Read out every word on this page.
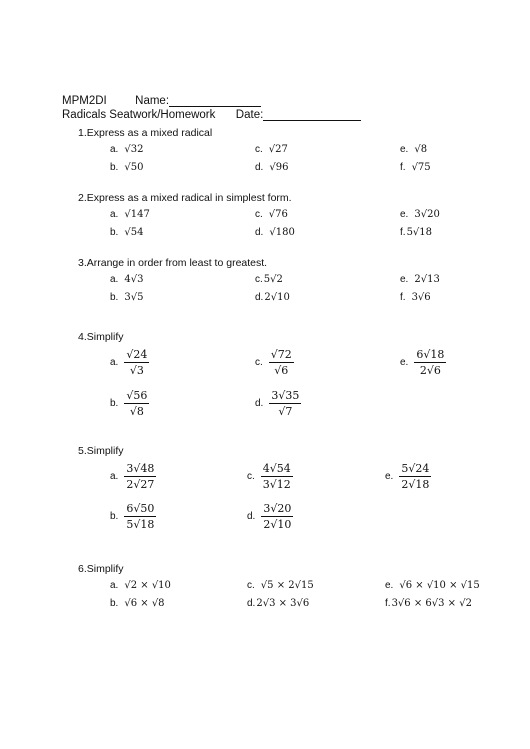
MPM2DI Name:
Radicals Seatwork/Homework Date:
1.Express as a mixed radical
a. √32
b. √50
c. √27
d. √96
e. √8
f. √75
2.Express as a mixed radical in simplest form.
a. √147
b. √54
c. √76
d. √180
e. 3√20
f. 5√18
3.Arrange in order from least to greatest.
a. 4√3
b. 3√5
c. 5√2
d. 2√10
e. 2√13
f. 3√6
4.Simplify
a. $\frac{√24}{√3}$
b. $\frac{√56}{√8}$
c. $\frac{√72}{√6}$
d. $\frac{3√35}{√7}$
e. $\frac{6√18}{2√6}$
5.Simplify
a. $\frac{3√48}{2√27}$
b. $\frac{6√50}{5√18}$
c. $\frac{4√54}{3√12}$
d. $\frac{3√20}{2√10}$
e. $\frac{5√24}{2√18}$
6.Simplify
a. √2 × √10
b. √6 × √8
c. √5 × 2√15
d. 2√3 × 3√6
e. √6 × √10 × √15
f. 3√6 × 6√3 × √2
